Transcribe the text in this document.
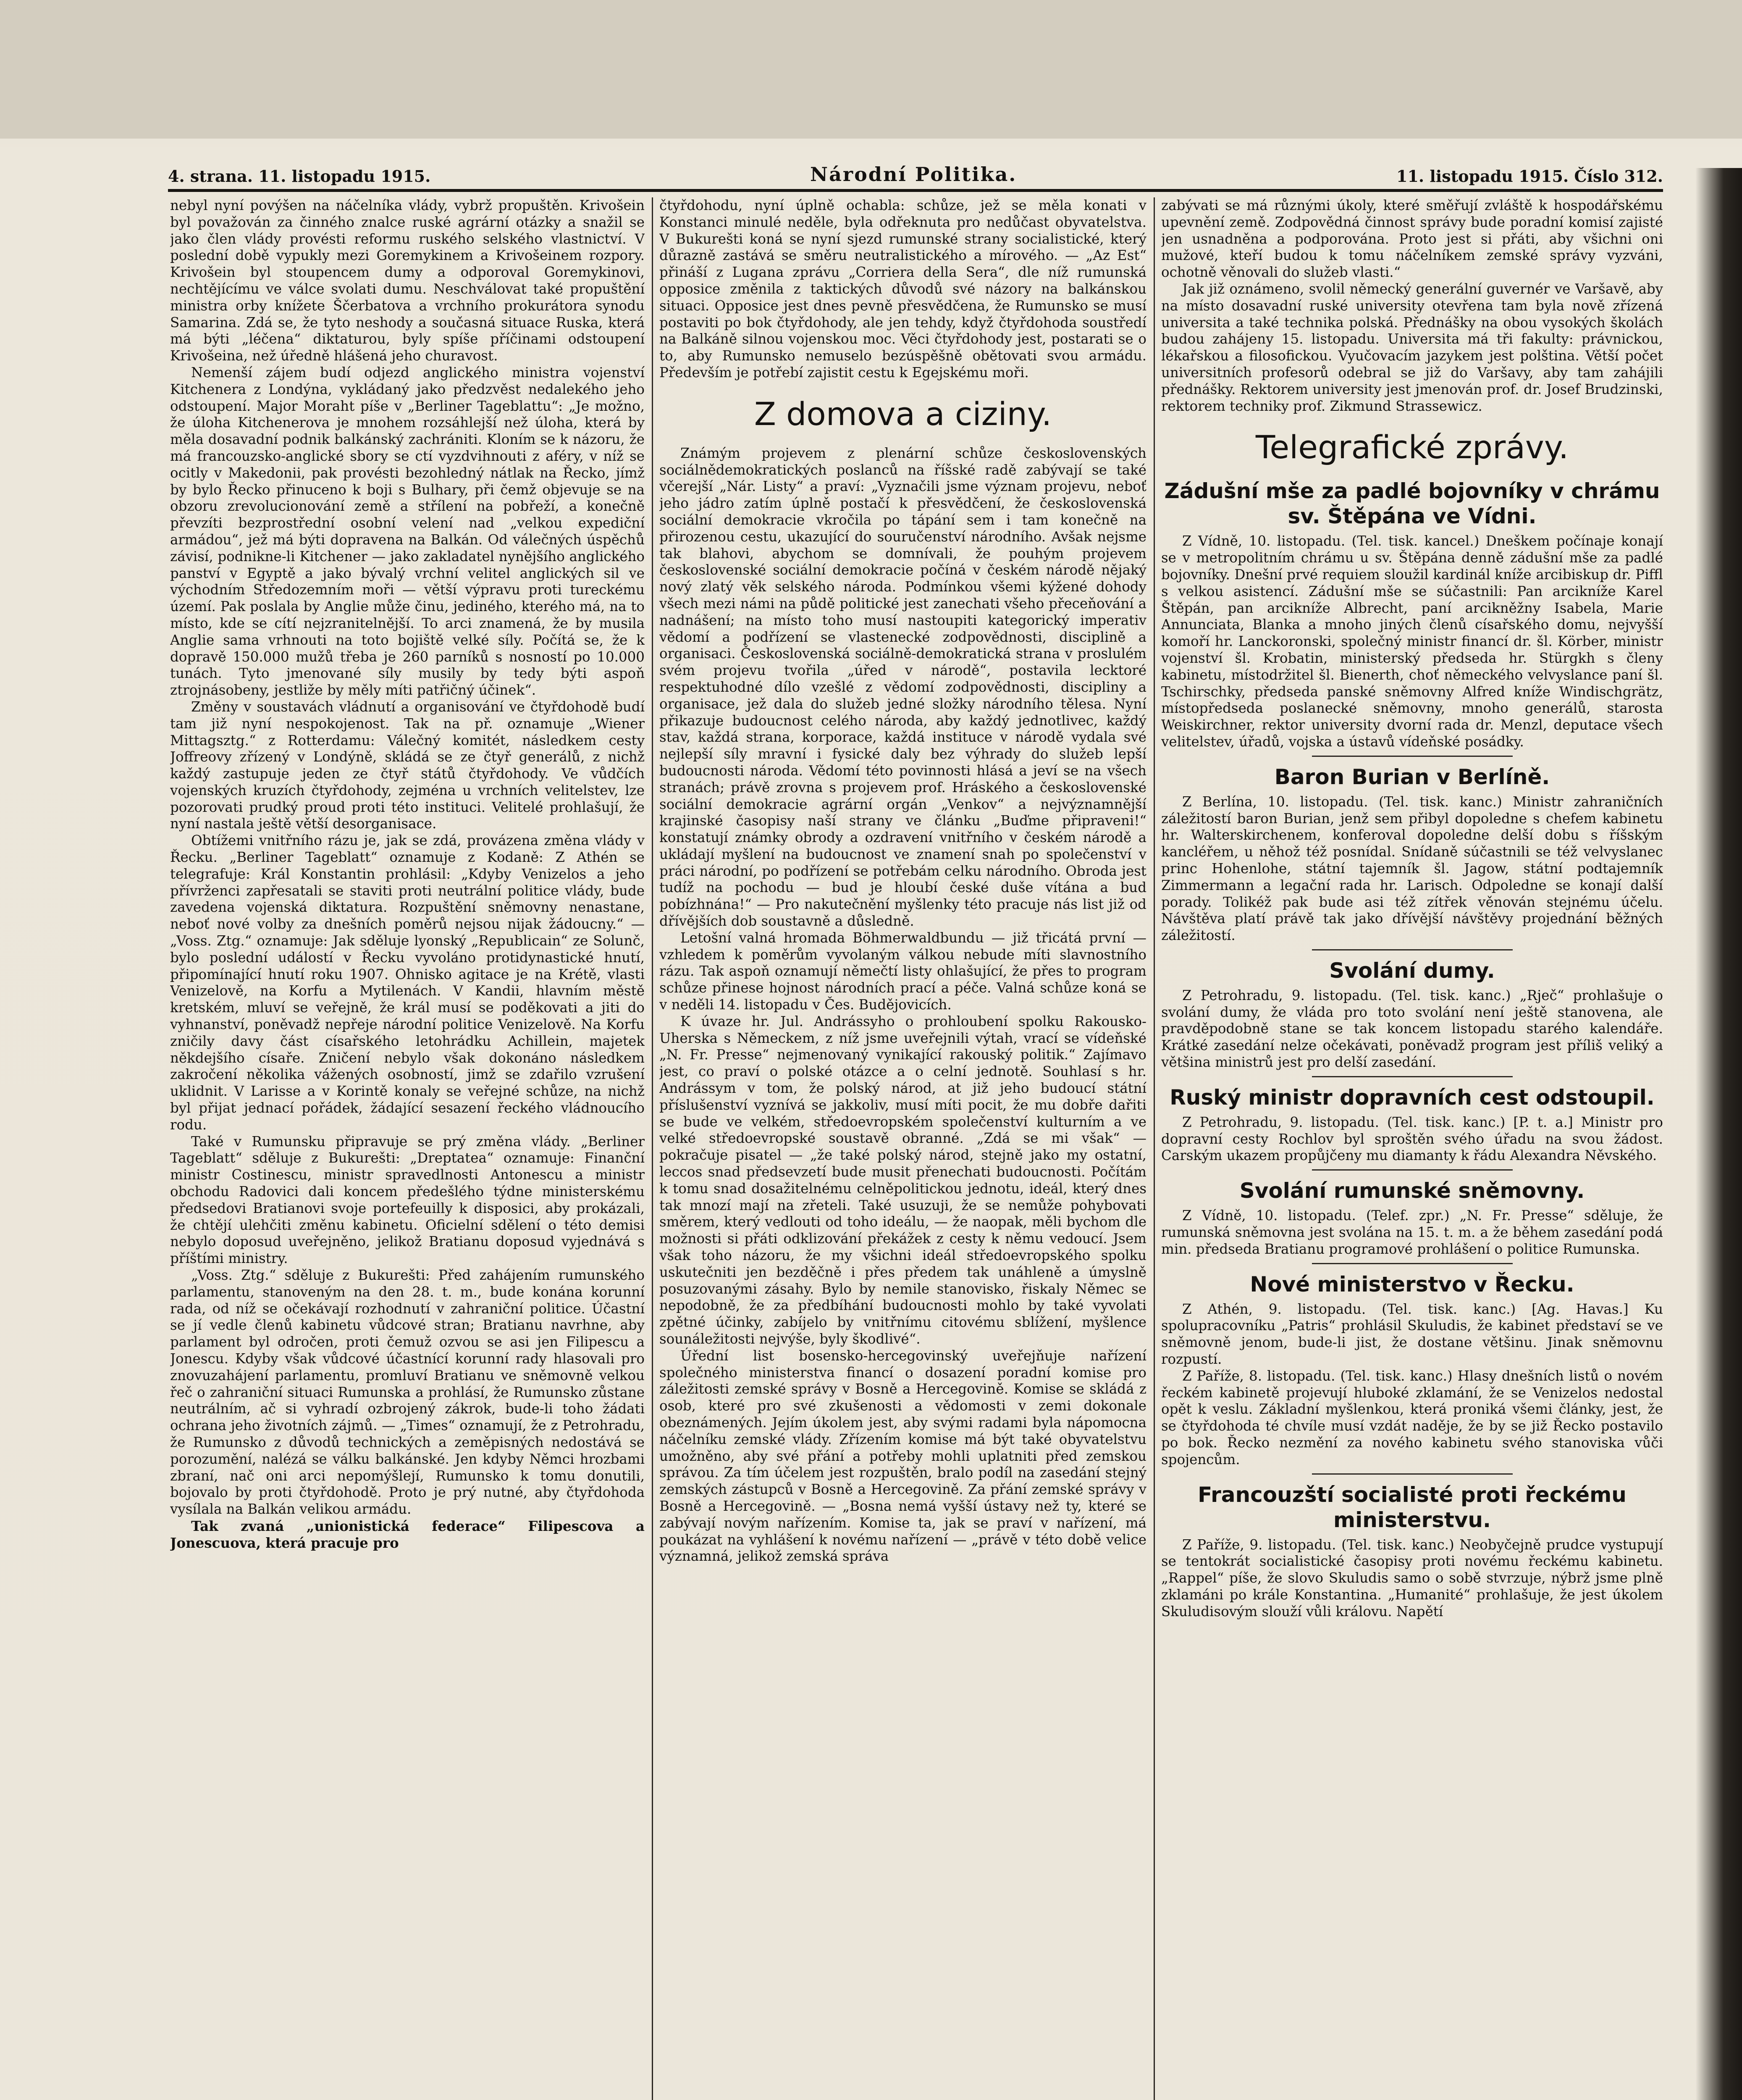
4. strana. 11. listopadu 1915.	Národní Politika.	11. listopadu 1915. Číslo 312.

nebyl nyní povýšen na náčelníka vlády, vybrž propuštěn. Krivošein byl považován za činného znalce ruské agrární otázky a snažil se jako člen vlády provésti reformu ruského selského vlastnictví. V poslední době vypukly mezi Goremykinem a Krivošeinem rozpory. Krivošein byl stoupencem dumy a odporoval Goremykinovi, nechtějícímu ve válce svolati dumu. Neschválovat také propuštění ministra orby knížete Ščerbatova a vrchního prokurátora synodu Samarina. Zdá se, že tyto neshody a současná situace Ruska, která má býti „léčena“ diktaturou, byly spíše příčinami odstoupení Krivošeina, než úředně hlášená jeho churavost.

Nemenší zájem budí odjezd anglického ministra vojenství Kitchenera z Londýna, vykládaný jako předzvěst nedalekého jeho odstoupení. Major Moraht píše v „Berliner Tageblattu“: „Je možno, že úloha Kitchenerova je mnohem rozsáhlejší než úloha, která by měla dosavadní podnik balkánský zachrániti. Kloním se k názoru, že má francouzsko-anglické sbory se ctí vyzdvihnouti z aféry, v níž se ocitly v Makedonii, pak provésti bezohledný nátlak na Řecko, jímž by bylo Řecko přinuceno k boji s Bulhary, při čemž objevuje se na obzoru zrevolucionování země a střílení na pobřeží, a konečně převzíti bezprostřední osobní velení nad „velkou expediční armádou“, jež má býti dopravena na Balkán. Od válečných úspěchů závisí, podnikne-li Kitchener — jako zakladatel nynějšího anglického panství v Egyptě a jako bývalý vrchní velitel anglických sil ve východním Středozemním moři — větší výpravu proti tureckému území. Pak poslala by Anglie může činu, jediného, kterého má, na to místo, kde se cítí nejzranitelnější. To arci znamená, že by musila Anglie sama vrhnouti na toto bojiště velké síly. Počítá se, že k dopravě 150.000 mužů třeba je 260 parníků s nosností po 10.000 tunách. Tyto jmenované síly musily by tedy býti aspoň ztrojnásobeny, jestliže by měly míti patřičný účinek“.

Změny v soustavách vládnutí a organisování ve čtyřdohodě budí tam již nyní nespokojenost. Tak na př. oznamuje „Wiener Mittagsztg.“ z Rotterdamu: Válečný komitét, následkem cesty Joffreovy zřízený v Londýně, skládá se ze čtyř generálů, z nichž každý zastupuje jeden ze čtyř států čtyřdohody. Ve vůdčích vojenských kruzích čtyřdohody, zejména u vrchních velitelstev, lze pozorovati prudký proud proti této instituci. Velitelé prohlašují, že nyní nastala ještě větší desorganisace.

Obtížemi vnitřního rázu je, jak se zdá, provázena změna vlády v Řecku. „Berliner Tageblatt“ oznamuje z Kodaně: Z Athén se telegrafuje: Král Konstantin prohlásil: „Kdyby Venizelos a jeho přívrženci zapřesatali se staviti proti neutrální politice vlády, bude zavedena vojenská diktatura. Rozpuštění sněmovny nenastane, neboť nové volby za dnešních poměrů nejsou nijak žádoucny.“ — „Voss. Ztg.“ oznamuje: Jak sděluje lyonský „Republicain“ ze Solunč, bylo poslední událostí v Řecku vyvoláno protidynastické hnutí, připomínající hnutí roku 1907. Ohnisko agitace je na Krétě, vlasti Venizelově, na Korfu a Mytilenách. V Kandii, hlavním městě kretském, mluví se veřejně, že král musí se poděkovati a jiti do vyhnanství, poněvadž nepřeje národní politice Venizelově. Na Korfu zničily davy část císařského letohrádku Achillein, majetek někdejšího císaře. Zničení nebylo však dokonáno následkem zakročení několika vážených osobností, jimž se zdařilo vzrušení uklidnit. V Larisse a v Korintě konaly se veřejné schůze, na nichž byl přijat jednací pořádek, žádající sesazení řeckého vládnoucího rodu.

Také v Rumunsku připravuje se prý změna vlády. „Berliner Tageblatt“ sděluje z Bukurešti: „Dreptatea“ oznamuje: Finanční ministr Costinescu, ministr spravedlnosti Antonescu a ministr obchodu Radovici dali koncem předešlého týdne ministerskému předsedovi Bratianovi svoje portefeuilly k disposici, aby prokázali, že chtějí ulehčiti změnu kabinetu. Oficielní sdělení o této demisi nebylo doposud uveřejněno, jelikož Bratianu doposud vyjednává s příštími ministry.

„Voss. Ztg.“ sděluje z Bukurešti: Před zahájením rumunského parlamentu, stanoveným na den 28. t. m., bude konána korunní rada, od níž se očekávají rozhodnutí v zahraniční politice. Účastní se jí vedle členů kabinetu vůdcové stran; Bratianu navrhne, aby parlament byl odročen, proti čemuž ozvou se asi jen Filipescu a Jonescu. Kdyby však vůdcové účastnící korunní rady hlasovali pro znovuzahájení parlamentu, promluví Bratianu ve sněmovně velkou řeč o zahraniční situaci Rumunska a prohlásí, že Rumunsko zůstane neutrálním, ač si vyhradí ozbrojený zákrok, bude-li toho žádati ochrana jeho životních zájmů. — „Times“ oznamují, že z Petrohradu, že Rumunsko z důvodů technických a zeměpisných nedostává se porozumění, nalézá se válku balkánské. Jen kdyby Němci hrozbami zbraní, nač oni arci nepomýšlejí, Rumunsko k tomu donutili, bojovalo by proti čtyřdohodě. Proto je prý nutné, aby čtyřdohoda vysílala na Balkán velikou armádu.

Tak zvaná „unionistická federace“ Filipescova a Jonescuova, která pracuje pro

čtyřdohodu, nyní úplně ochabla: schůze, jež se měla konati v Konstanci minulé neděle, byla odřeknuta pro nedůčast obyvatelstva. V Bukurešti koná se nyní sjezd rumunské strany socialistické, který důrazně zastává se směru neutralistického a mírového. — „Az Est“ přináší z Lugana zprávu „Corriera della Sera“, dle níž rumunská opposice změnila z taktických důvodů své názory na balkánskou situaci. Opposice jest dnes pevně přesvědčena, že Rumunsko se musí postaviti po bok čtyřdohody, ale jen tehdy, když čtyřdohoda soustředí na Balkáně silnou vojenskou moc. Věci čtyřdohody jest, postarati se o to, aby Rumunsko nemuselo bezúspěšně obětovati svou armádu. Především je potřebí zajistit cestu k Egejskému moři.

Z domova a ciziny.

Známým projevem z plenární schůze československých sociálnědemokratických poslanců na říšské radě zabývají se také včerejší „Nár. Listy“ a praví: „Vyznačili jsme význam projevu, neboť jeho jádro zatím úplně postačí k přesvědčení, že československá sociální demokracie vkročila po tápání sem i tam konečně na přirozenou cestu, ukazující do souručenství národního. Avšak nejsme tak blahovi, abychom se domnívali, že pouhým projevem československé sociální demokracie počíná v českém národě nějaký nový zlatý věk selského národa. Podmínkou všemi kýžené dohody všech mezi námi na půdě politické jest zanechati všeho přeceňování a nadnášení; na místo toho musí nastoupiti kategorický imperativ vědomí a podřízení se vlastenecké zodpovědnosti, disciplině a organisaci. Československá sociálně-demokratická strana v proslulém svém projevu tvořila „úřed v národě“, postavila lecktoré respektuhodné dílo vzešlé z vědomí zodpovědnosti, discipliny a organisace, jež dala do služeb jedné složky národního tělesa. Nyní přikazuje budoucnost celého národa, aby každý jednotlivec, každý stav, každá strana, korporace, každá instituce v národě vydala své nejlepší síly mravní i fysické daly bez výhrady do služeb lepší budoucnosti národa. Vědomí této povinnosti hlásá a jeví se na všech stranách; právě zrovna s projevem prof. Hráského a československé sociální demokracie agrární orgán „Venkov“ a nejvýznamnější krajinské časopisy naší strany ve článku „Buďme připraveni!“ konstatují známky obrody a ozdravení vnitřního v českém národě a ukládají myšlení na budoucnost ve znamení snah po společenství v práci národní, po podřízení se potřebám celku národního. Obroda jest tudíž na pochodu — bud je hloubí české duše vítána a bud pobízhnána!“ — Pro nakutečnění myšlenky této pracuje nás list již od dřívějších dob soustavně a důsledně.

Letošní valná hromada Böhmerwaldbundu — již třicátá první — vzhledem k poměrům vyvolaným válkou nebude míti slavnostního rázu. Tak aspoň oznamují němečtí listy ohlašující, že přes to program schůze přinese hojnost národních prací a péče. Valná schůze koná se v neděli 14. listopadu v Čes. Budějovicích.

K úvaze hr. Jul. Andrássyho o prohloubení spolku Rakousko-Uherska s Německem, z níž jsme uveřejnili výtah, vrací se vídeňské „N. Fr. Presse“ nejmenovaný vynikající rakouský politik.“ Zajímavo jest, co praví o polské otázce a o celní jednotě. Souhlasí s hr. Andrássym v tom, že polský národ, at již jeho budoucí státní příslušenství vyznívá se jakkoliv, musí míti pocit, že mu dobře dařiti se bude ve velkém, středoevropském společenství kulturním a ve velké středoevropské soustavě obranné. „Zdá se mi však“ — pokračuje pisatel — „že také polský národ, stejně jako my ostatní, leccos snad předsevzetí bude musit přenechati budoucnosti. Počítám k tomu snad dosažitelnému celněpolitickou jednotu, ideál, který dnes tak mnozí mají na zřeteli. Také usuzuji, že se nemůže pohybovati směrem, který vedlouti od toho ideálu, — že naopak, měli bychom dle možnosti si přáti odklizování překážek z cesty k němu vedoucí. Jsem však toho názoru, že my všichni ideál středoevropského spolku uskutečniti jen bezděčně i přes předem tak unáhleně a úmyslně posuzovanými zásahy. Bylo by nemile stanovisko, řiskaly Němec se nepodobně, že za předbíhání budoucnosti mohlo by také vyvolati zpětné účinky, zabíjelo by vnitřnímu citovému sblížení, myšlence sounáležitosti nejvýše, byly škodlivé“.

Úřední list bosensko-hercegovinský uveřejňuje nařízení společného ministerstva financí o dosazení poradní komise pro záležitosti zemské správy v Bosně a Hercegovině. Komise se skládá z osob, které pro své zkušenosti a vědomosti v zemi dokonale obeznámených. Jejím úkolem jest, aby svými radami byla nápomocna náčelníku zemské vlády. Zřízením komise má být také obyvatelstvu umožněno, aby své přání a potřeby mohli uplatniti před zemskou správou. Za tím účelem jest rozpuštěn, bralo podíl na zasedání stejný zemských zástupců v Bosně a Hercegovině. Za přání zemské správy v Bosně a Hercegovině. — „Bosna nemá vyšší ústavy než ty, které se zabývají novým nařízením. Komise ta, jak se praví v nařízení, má poukázat na vyhlášení k novému nařízení — „právě v této době velice významná, jelikož zemská správa

zabývati se má různými úkoly, které směřují zvláště k hospodářskému upevnění země. Zodpovědná činnost správy bude poradní komisí zajisté jen usnadněna a podporována. Proto jest si přáti, aby všichni oni mužové, kteří budou k tomu náčelníkem zemské správy vyzváni, ochotně věnovali do služeb vlasti.“

Jak již oznámeno, svolil německý generální guvernér ve Varšavě, aby na místo dosavadní ruské university otevřena tam byla nově zřízená universita a také technika polská. Přednášky na obou vysokých školách budou zahájeny 15. listopadu. Universita má tři fakulty: právnickou, lékařskou a filosofickou. Vyučovacím jazykem jest polština. Větší počet universitních profesorů odebral se již do Varšavy, aby tam zahájili přednášky. Rektorem university jest jmenován prof. dr. Josef Brudzinski, rektorem techniky prof. Zikmund Strassewicz.

Telegrafické zprávy.
Zádušní mše za padlé bojovníky v chrámu sv. Štěpána ve Vídni.

Z Vídně, 10. listopadu. (Tel. tisk. kancel.) Dneškem počínaje konají se v metropolitním chrámu u sv. Štěpána denně zádušní mše za padlé bojovníky. Dnešní prvé requiem sloužil kardinál kníže arcibiskup dr. Piffl s velkou asistencí. Zádušní mše se súčastnili: Pan arcikníže Karel Štěpán, pan arcikníže Albrecht, paní arcikněžny Isabela, Marie Annunciata, Blanka a mnoho jiných členů císařského domu, nejvyšší komoří hr. Lanckoronski, společný ministr financí dr. šl. Körber, ministr vojenství šl. Krobatin, ministerský předseda hr. Stürgkh s členy kabinetu, místodržitel šl. Bienerth, choť německého velvyslance paní šl. Tschirschky, předseda panské sněmovny Alfred kníže Windischgrätz, místopředseda poslanecké sněmovny, mnoho generálů, starosta Weiskirchner, rektor university dvorní rada dr. Menzl, deputace všech velitelstev, úřadů, vojska a ústavů vídeňské posádky.

Baron Burian v Berlíně.

Z Berlína, 10. listopadu. (Tel. tisk. kanc.) Ministr zahraničních záležitostí baron Burian, jenž sem přibyl dopoledne s chefem kabinetu hr. Walterskirchenem, konferoval dopoledne delší dobu s říšským kancléřem, u něhož též posnídal. Snídaně súčastnili se též velvyslanec princ Hohenlohe, státní tajemník šl. Jagow, státní podtajemník Zimmermann a legační rada hr. Larisch. Odpoledne se konají další porady. Tolikéž pak bude asi též zítřek věnován stejnému účelu. Návštěva platí právě tak jako dřívější návštěvy projednání běžných záležitostí.

Svolání dumy.

Z Petrohradu, 9. listopadu. (Tel. tisk. kanc.) „Rječ“ prohlašuje o svolání dumy, že vláda pro toto svolání není ještě stanovena, ale pravděpodobně stane se tak koncem listopadu starého kalendáře. Krátké zasedání nelze očekávati, poněvadž program jest příliš veliký a většina ministrů jest pro delší zasedání.

Ruský ministr dopravních cest odstoupil.

Z Petrohradu, 9. listopadu. (Tel. tisk. kanc.) [P. t. a.] Ministr pro dopravní cesty Rochlov byl sproštěn svého úřadu na svou žádost. Carským ukazem propůjčeny mu diamanty k řádu Alexandra Něvského.

Svolání rumunské sněmovny.

Z Vídně, 10. listopadu. (Telef. zpr.) „N. Fr. Presse“ sděluje, že rumunská sněmovna jest svolána na 15. t. m. a že během zasedání podá min. předseda Bratianu programové prohlášení o politice Rumunska.

Nové ministerstvo v Řecku.

Z Athén, 9. listopadu. (Tel. tisk. kanc.) [Ag. Havas.] Ku spolupracovníku „Patris“ prohlásil Skuludis, že kabinet představí se ve sněmovně jenom, bude-li jist, že dostane většinu. Jinak sněmovnu rozpustí.

Z Paříže, 8. listopadu. (Tel. tisk. kanc.) Hlasy dnešních listů o novém řeckém kabinetě projevují hluboké zklamání, že se Venizelos nedostal opět k veslu. Základní myšlenkou, která proniká všemi články, jest, že se čtyřdohoda té chvíle musí vzdát naděje, že by se již Řecko postavilo po bok. Řecko nezmění za nového kabinetu svého stanoviska vůči spojencům.

Francouzští socialisté proti řeckému ministerstvu.

Z Paříže, 9. listopadu. (Tel. tisk. kanc.) Neobyčejně prudce vystupují se tentokrát socialistické časopisy proti novému řeckému kabinetu. „Rappel“ píše, že slovo Skuludis samo o sobě stvrzuje, nýbrž jsme plně zklamáni po krále Konstantina. „Humanité“ prohlašuje, že jest úkolem Skuludisovým slouží vůli královu. Napětí
